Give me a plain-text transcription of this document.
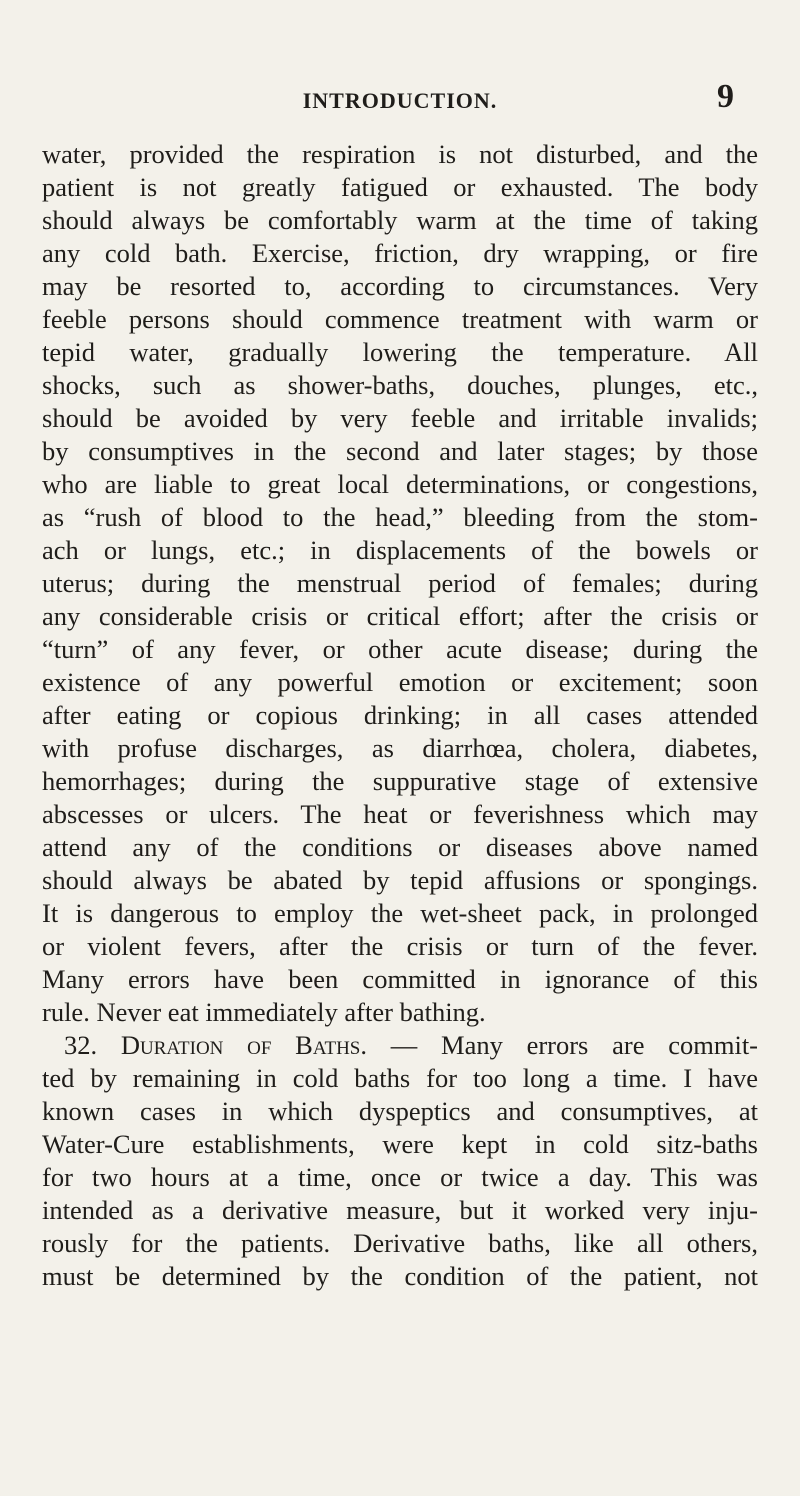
INTRODUCTION.	9
water, provided the respiration is not disturbed, and the
patient is not greatly fatigued or exhausted. The body
should always be comfortably warm at the time of taking
any cold bath. Exercise, friction, dry wrapping, or fire
may be resorted to, according to circumstances. Very
feeble persons should commence treatment with warm or
tepid water, gradually lowering the temperature. All
shocks, such as shower-baths, douches, plunges, etc.,
should be avoided by very feeble and irritable invalids;
by consumptives in the second and later stages; by those
who are liable to great local determinations, or congestions,
as “rush of blood to the head,” bleeding from the stom-
ach or lungs, etc.; in displacements of the bowels or
uterus; during the menstrual period of females; during
any considerable crisis or critical effort; after the crisis or
“turn” of any fever, or other acute disease; during the
existence of any powerful emotion or excitement; soon
after eating or copious drinking; in all cases attended
with profuse discharges, as diarrhœa, cholera, diabetes,
hemorrhages; during the suppurative stage of extensive
abscesses or ulcers. The heat or feverishness which may
attend any of the conditions or diseases above named
should always be abated by tepid affusions or spongings.
It is dangerous to employ the wet-sheet pack, in prolonged
or violent fevers, after the crisis or turn of the fever.
Many errors have been committed in ignorance of this
rule. Never eat immediately after bathing.
32. Duration of Baths. — Many errors are commit-
ted by remaining in cold baths for too long a time. I have
known cases in which dyspeptics and consumptives, at
Water-Cure establishments, were kept in cold sitz-baths
for two hours at a time, once or twice a day. This was
intended as a derivative measure, but it worked very inju-
rously for the patients. Derivative baths, like all others,
must be determined by the condition of the patient, not
